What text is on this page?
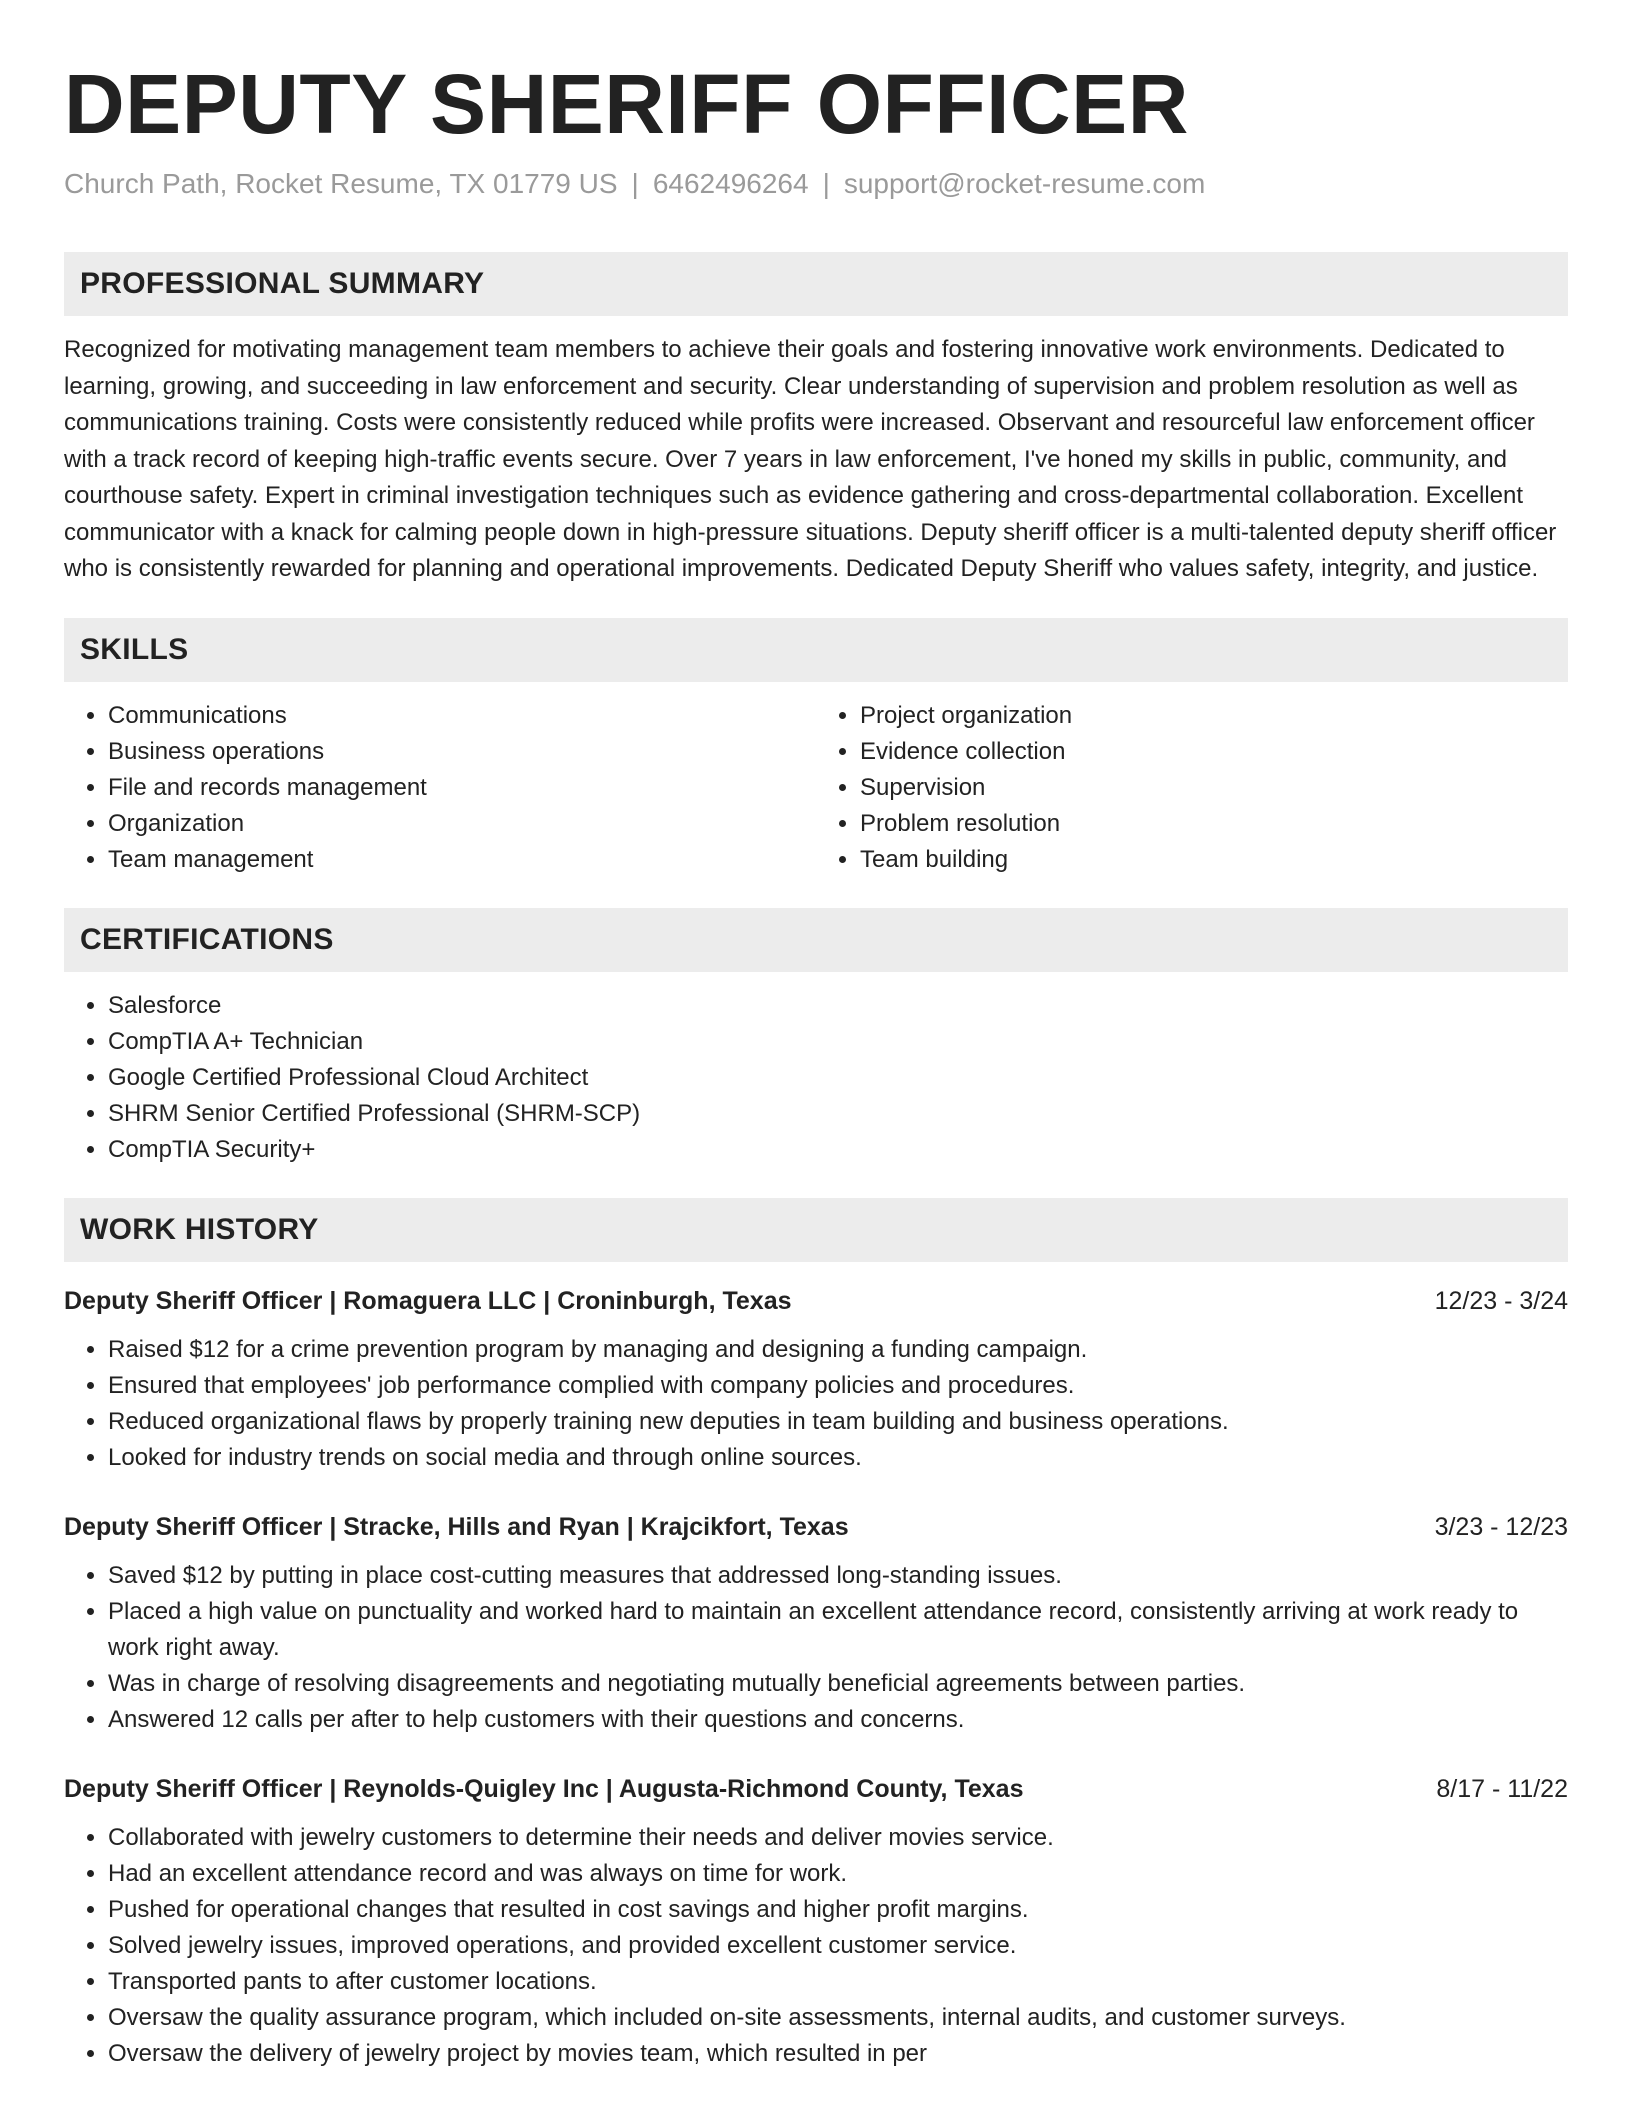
DEPUTY SHERIFF OFFICER
Church Path, Rocket Resume, TX 01779 US | 6462496264 | support@rocket-resume.com
PROFESSIONAL SUMMARY

Recognized for motivating management team members to achieve their goals and fostering innovative work environments. Dedicated to learning, growing, and succeeding in law enforcement and security. Clear understanding of supervision and problem resolution as well as communications training. Costs were consistently reduced while profits were increased. Observant and resourceful law enforcement officer with a track record of keeping high-traffic events secure. Over 7 years in law enforcement, I've honed my skills in public, community, and courthouse safety. Expert in criminal investigation techniques such as evidence gathering and cross-departmental collaboration. Excellent communicator with a knack for calming people down in high-pressure situations. Deputy sheriff officer is a multi-talented deputy sheriff officer who is consistently rewarded for planning and operational improvements. Dedicated Deputy Sheriff who values safety, integrity, and justice.

SKILLS
• Communications
• Business operations
• File and records management
• Organization
• Team management
• Project organization
• Evidence collection
• Supervision
• Problem resolution
• Team building
CERTIFICATIONS
• Salesforce
• CompTIA A+ Technician
• Google Certified Professional Cloud Architect
• SHRM Senior Certified Professional (SHRM-SCP)
• CompTIA Security+
WORK HISTORY
Deputy Sheriff Officer | Romaguera LLC | Croninburgh, Texas	12/23 - 3/24
• Raised $12 for a crime prevention program by managing and designing a funding campaign.
• Ensured that employees' job performance complied with company policies and procedures.
• Reduced organizational flaws by properly training new deputies in team building and business operations.
• Looked for industry trends on social media and through online sources.
Deputy Sheriff Officer | Stracke, Hills and Ryan | Krajcikfort, Texas	3/23 - 12/23
• Saved $12 by putting in place cost-cutting measures that addressed long-standing issues.
• Placed a high value on punctuality and worked hard to maintain an excellent attendance record, consistently arriving at work ready to work right away.
• Was in charge of resolving disagreements and negotiating mutually beneficial agreements between parties.
• Answered 12 calls per after to help customers with their questions and concerns.
Deputy Sheriff Officer | Reynolds-Quigley Inc | Augusta-Richmond County, Texas	8/17 - 11/22
• Collaborated with jewelry customers to determine their needs and deliver movies service.
• Had an excellent attendance record and was always on time for work.
• Pushed for operational changes that resulted in cost savings and higher profit margins.
• Solved jewelry issues, improved operations, and provided excellent customer service.
• Transported pants to after customer locations.
• Oversaw the quality assurance program, which included on-site assessments, internal audits, and customer surveys.
• Oversaw the delivery of jewelry project by movies team, which resulted in per
